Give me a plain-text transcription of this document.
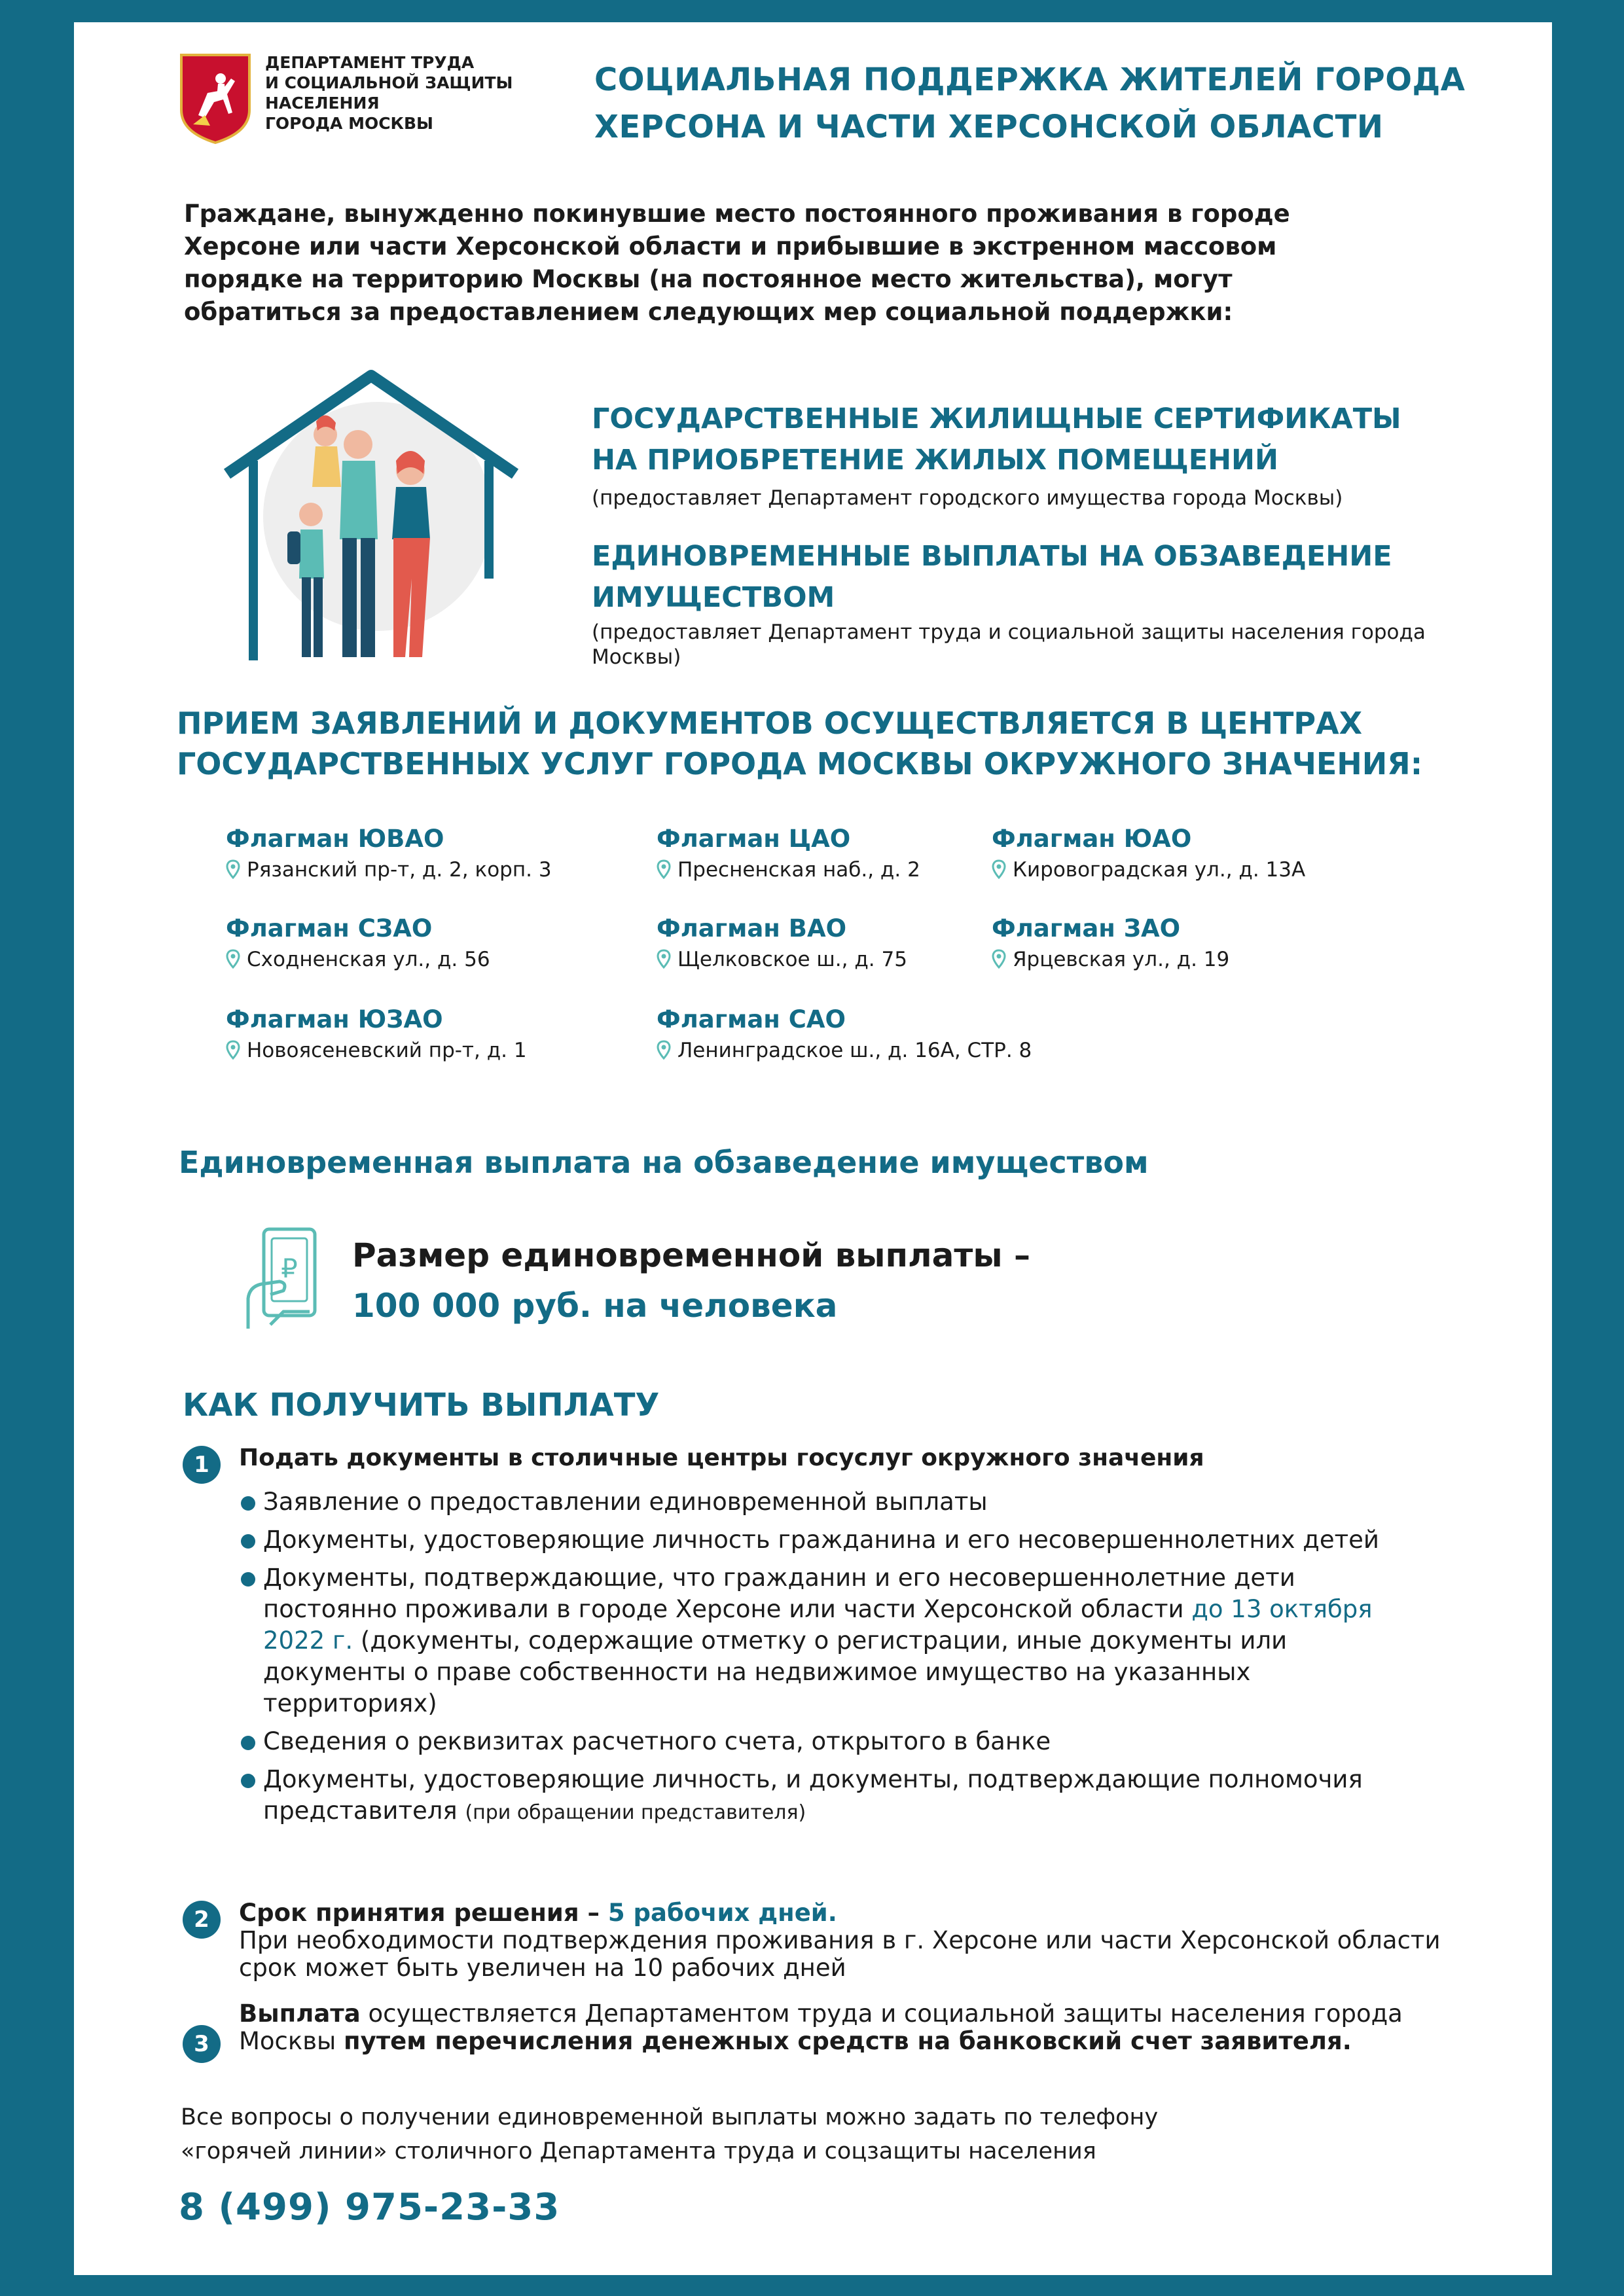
ДЕПАРТАМЕНТ ТРУДА
И СОЦИАЛЬНОЙ ЗАЩИТЫ
НАСЕЛЕНИЯ
ГОРОДА МОСКВЫ
СОЦИАЛЬНАЯ ПОДДЕРЖКА ЖИТЕЛЕЙ ГОРОДА
ХЕРСОНА И ЧАСТИ ХЕРСОНСКОЙ ОБЛАСТИ
Граждане, вынужденно покинувшие место постоянного проживания в городе
Херсоне или части Херсонской области и прибывшие в экстренном массовом
порядке на территорию Москвы (на постоянное место жительства), могут
обратиться за предоставлением следующих мер социальной поддержки:
ГОСУДАРСТВЕННЫЕ ЖИЛИЩНЫЕ СЕРТИФИКАТЫ
НА ПРИОБРЕТЕНИЕ ЖИЛЫХ ПОМЕЩЕНИЙ
(предоставляет Департамент городского имущества города Москвы)
ЕДИНОВРЕМЕННЫЕ ВЫПЛАТЫ НА ОБЗАВЕДЕНИЕ
ИМУЩЕСТВОМ
(предоставляет Департамент труда и социальной защиты населения города Москвы)
ПРИЕМ ЗАЯВЛЕНИЙ И ДОКУМЕНТОВ ОСУЩЕСТВЛЯЕТСЯ В ЦЕНТРАХ
ГОСУДАРСТВЕННЫХ УСЛУГ ГОРОДА МОСКВЫ ОКРУЖНОГО ЗНАЧЕНИЯ:
Флагман ЮВАО
Рязанский пр-т, д. 2, корп. 3
Флагман ЦАО
Пресненская наб., д. 2
Флагман ЮАО
Кировоградская ул., д. 13А
Флагман СЗАО
Сходненская ул., д. 56
Флагман ВАО
Щелковское ш., д. 75
Флагман ЗАО
Ярцевская ул., д. 19
Флагман ЮЗАО
Новоясеневский пр-т, д. 1
Флагман САО
Ленинградское ш., д. 16А, СТР. 8
Единовременная выплата на обзаведение имуществом
₽ Размер единовременной выплаты –
100 000 руб. на человека
КАК ПОЛУЧИТЬ ВЫПЛАТУ
1	Подать документы в столичные центры госуслуг окружного значения
Заявление о предоставлении единовременной выплаты
Документы, удостоверяющие личность гражданина и его несовершеннолетних детей
Документы, подтверждающие, что гражданин и его несовершеннолетние дети постоянно проживали в городе Херсоне или части Херсонской области до 13 октября 2022 г. (документы, содержащие отметку о регистрации, иные документы или документы о праве собственности на недвижимое имущество на указанных территориях)
Сведения о реквизитах расчетного счета, открытого в банке
Документы, удостоверяющие личность, и документы, подтверждающие полномочия представителя (при обращении представителя)
2	Срок принятия решения – 5 рабочих дней.
При необходимости подтверждения проживания в г. Херсоне или части Херсонской области срок может быть увеличен на 10 рабочих дней
3
Выплата осуществляется Департаментом труда и социальной защиты населения города Москвы путем перечисления денежных средств на банковский счет заявителя.
Все вопросы о получении единовременной выплаты можно задать по телефону
«горячей линии» столичного Департамента труда и соцзащиты населения
8 (499) 975-23-33
